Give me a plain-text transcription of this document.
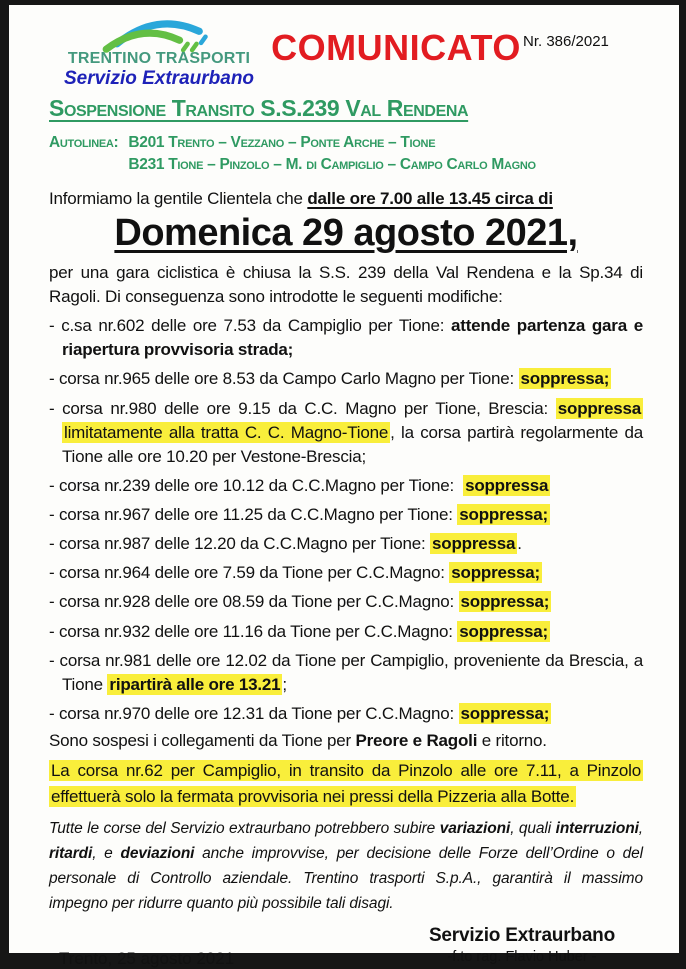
TRENTINO TRASPORTI
Servizio Extraurbano
COMUNICATO Nr. 386/2021
Sospensione Transito S.S.239 Val Rendena
Autolinea: B201 Trento – Vezzano – Ponte Arche – Tione
B231 Tione – Pinzolo – M. di Campiglio – Campo Carlo Magno
Informiamo la gentile Clientela che dalle ore 7.00 alle 13.45 circa di
Domenica 29 agosto 2021,
per una gara ciclistica è chiusa la S.S. 239 della Val Rendena e la Sp.34 di Ragoli. Di conseguenza sono introdotte le seguenti modifiche:
- c.sa nr.602 delle ore 7.53 da Campiglio per Tione: attende partenza gara e riapertura provvisoria strada;
- corsa nr.965 delle ore 8.53 da Campo Carlo Magno per Tione: soppressa;
- corsa nr.980 delle ore 9.15 da C.C. Magno per Tione, Brescia: soppressa limitatamente alla tratta C. C. Magno-Tione , la corsa partirà regolarmente da Tione alle ore 10.20 per Vestone-Brescia;
- corsa nr.239 delle ore 10.12 da C.C.Magno per Tione:  soppressa
- corsa nr.967 delle ore 11.25 da C.C.Magno per Tione: soppressa;
- corsa nr.987 delle 12.20 da C.C.Magno per Tione: soppressa .
- corsa nr.964 delle ore 7.59 da Tione per C.C.Magno: soppressa;
- corsa nr.928 delle ore 08.59 da Tione per C.C.Magno: soppressa;
- corsa nr.932 delle ore 11.16 da Tione per C.C.Magno: soppressa;
- corsa nr.981 delle ore 12.02 da Tione per Campiglio, proveniente da Brescia, a Tione ripartirà alle ore 13.21 ;
- corsa nr.970 delle ore 12.31 da Tione per C.C.Magno: soppressa;
Sono sospesi i collegamenti da Tione per Preore e Ragoli e ritorno.
La corsa nr.62 per Campiglio, in transito da Pinzolo alle ore 7.11, a Pinzolo effettuerà solo la fermata provvisoria nei pressi della Pizzeria alla Botte.
Tutte le corse del Servizio extraurbano potrebbero subire variazioni, quali interruzioni, ritardi, e deviazioni anche improvvise, per decisione delle Forze dell’Ordine o del personale di Controllo aziendale. Trentino trasporti S.p.A., garantirà il massimo impegno per ridurre quanto più possibile tali disagi.
Trento, 25 agosto 2021
Servizio Extraurbano
-f.to rag. Flavio Huber -
